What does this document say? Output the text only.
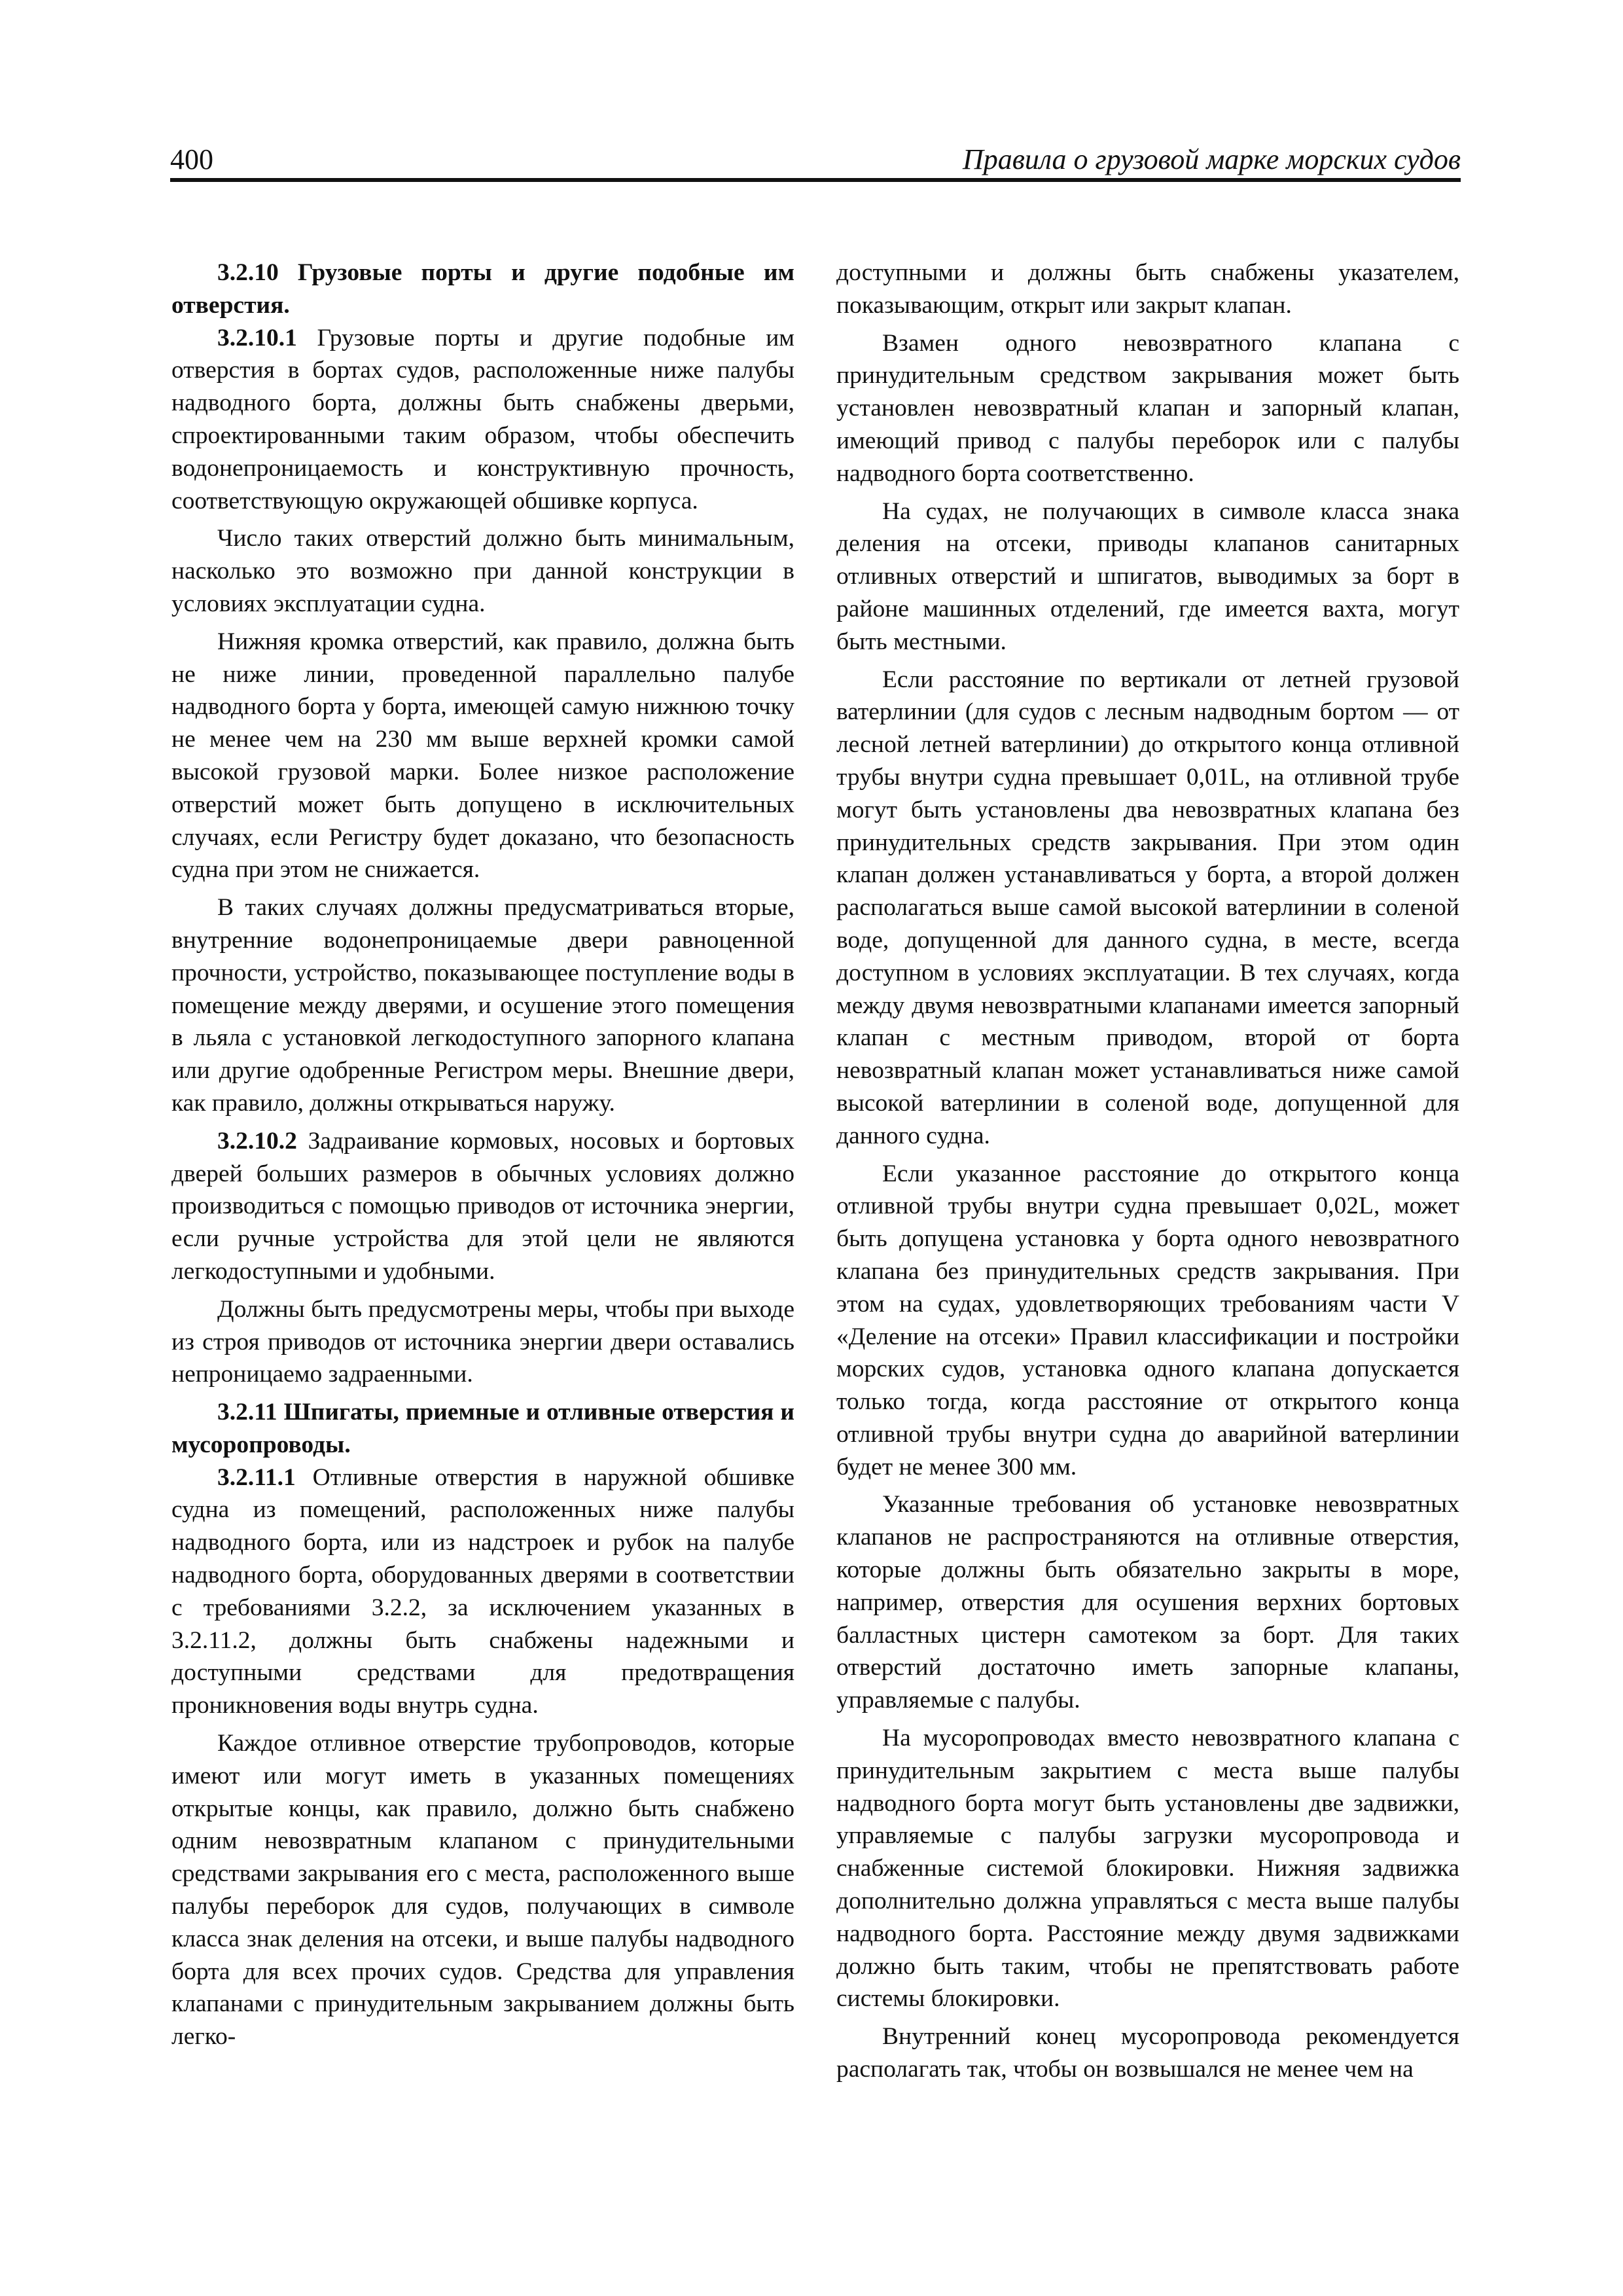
400	Правила о грузовой марке морских судов

3.2.10 Грузовые порты и другие подобные им отверстия.

3.2.10.1 Грузовые порты и другие подобные им отверстия в бортах судов, расположенные ниже палубы надводного борта, должны быть снабжены дверьми, спроектированными таким образом, чтобы обеспечить водонепроницаемость и конструктивную прочность, соответствующую окружающей обшивке корпуса.

Число таких отверстий должно быть минимальным, насколько это возможно при данной конструкции в условиях эксплуатации судна.

Нижняя кромка отверстий, как правило, должна быть не ниже линии, проведенной параллельно палубе надводного борта у борта, имеющей самую нижнюю точку не менее чем на 230 мм выше верхней кромки самой высокой грузовой марки. Более низкое расположение отверстий может быть допущено в исключительных случаях, если Регистру будет доказано, что безопасность судна при этом не снижается.

В таких случаях должны предусматриваться вторые, внутренние водонепроницаемые двери равноценной прочности, устройство, показывающее поступление воды в помещение между дверями, и осушение этого помещения в льяла с установкой легкодоступного запорного клапана или другие одобренные Регистром меры. Внешние двери, как правило, должны открываться наружу.

3.2.10.2 Задраивание кормовых, носовых и бортовых дверей больших размеров в обычных условиях должно производиться с помощью приводов от источника энергии, если ручные устройства для этой цели не являются легкодоступными и удобными.

Должны быть предусмотрены меры, чтобы при выходе из строя приводов от источника энергии двери оставались непроницаемо задраенными.

3.2.11 Шпигаты, приемные и отливные отверстия и мусоропроводы.

3.2.11.1 Отливные отверстия в наружной обшивке судна из помещений, расположенных ниже палубы надводного борта, или из надстроек и рубок на палубе надводного борта, оборудованных дверями в соответствии с требованиями 3.2.2, за исключением указанных в 3.2.11.2, должны быть снабжены надежными и доступными средствами для предотвращения проникновения воды внутрь судна.

Каждое отливное отверстие трубопроводов, которые имеют или могут иметь в указанных помещениях открытые концы, как правило, должно быть снабжено одним невозвратным клапаном с принудительными средствами закрывания его с места, расположенного выше палубы переборок для судов, получающих в символе класса знак деления на отсеки, и выше палубы надводного борта для всех прочих судов. Средства для управления клапанами с принудительным закрыванием должны быть легко-

доступными и должны быть снабжены указателем, показывающим, открыт или закрыт клапан.

Взамен одного невозвратного клапана с принудительным средством закрывания может быть установлен невозвратный клапан и запорный клапан, имеющий привод с палубы переборок или с палубы надводного борта соответственно.

На судах, не получающих в символе класса знака деления на отсеки, приводы клапанов санитарных отливных отверстий и шпигатов, выводимых за борт в районе машинных отделений, где имеется вахта, могут быть местными.

Если расстояние по вертикали от летней грузовой ватерлинии (для судов с лесным надводным бортом — от лесной летней ватерлинии) до открытого конца отливной трубы внутри судна превышает 0,01L, на отливной трубе могут быть установлены два невозвратных клапана без принудительных средств закрывания. При этом один клапан должен устанавливаться у борта, а второй должен располагаться выше самой высокой ватерлинии в соленой воде, допущенной для данного судна, в месте, всегда доступном в условиях эксплуатации. В тех случаях, когда между двумя невозвратными клапанами имеется запорный клапан с местным приводом, второй от борта невозвратный клапан может устанавливаться ниже самой высокой ватерлинии в соленой воде, допущенной для данного судна.

Если указанное расстояние до открытого конца отливной трубы внутри судна превышает 0,02L, может быть допущена установка у борта одного невозвратного клапана без принудительных средств закрывания. При этом на судах, удовлетворяющих требованиям части V «Деление на отсеки» Правил классификации и постройки морских судов, установка одного клапана допускается только тогда, когда расстояние от открытого конца отливной трубы внутри судна до аварийной ватерлинии будет не менее 300 мм.

Указанные требования об установке невозвратных клапанов не распространяются на отливные отверстия, которые должны быть обязательно закрыты в море, например, отверстия для осушения верхних бортовых балластных цистерн самотеком за борт. Для таких отверстий достаточно иметь запорные клапаны, управляемые с палубы.

На мусоропроводах вместо невозвратного клапана с принудительным закрытием с места выше палубы надводного борта могут быть установлены две задвижки, управляемые с палубы загрузки мусоропровода и снабженные системой блокировки. Нижняя задвижка дополнительно должна управляться с места выше палубы надводного борта. Расстояние между двумя задвижками должно быть таким, чтобы не препятствовать работе системы блокировки.

Внутренний конец мусоропровода рекомендуется располагать так, чтобы он возвышался не менее чем на
